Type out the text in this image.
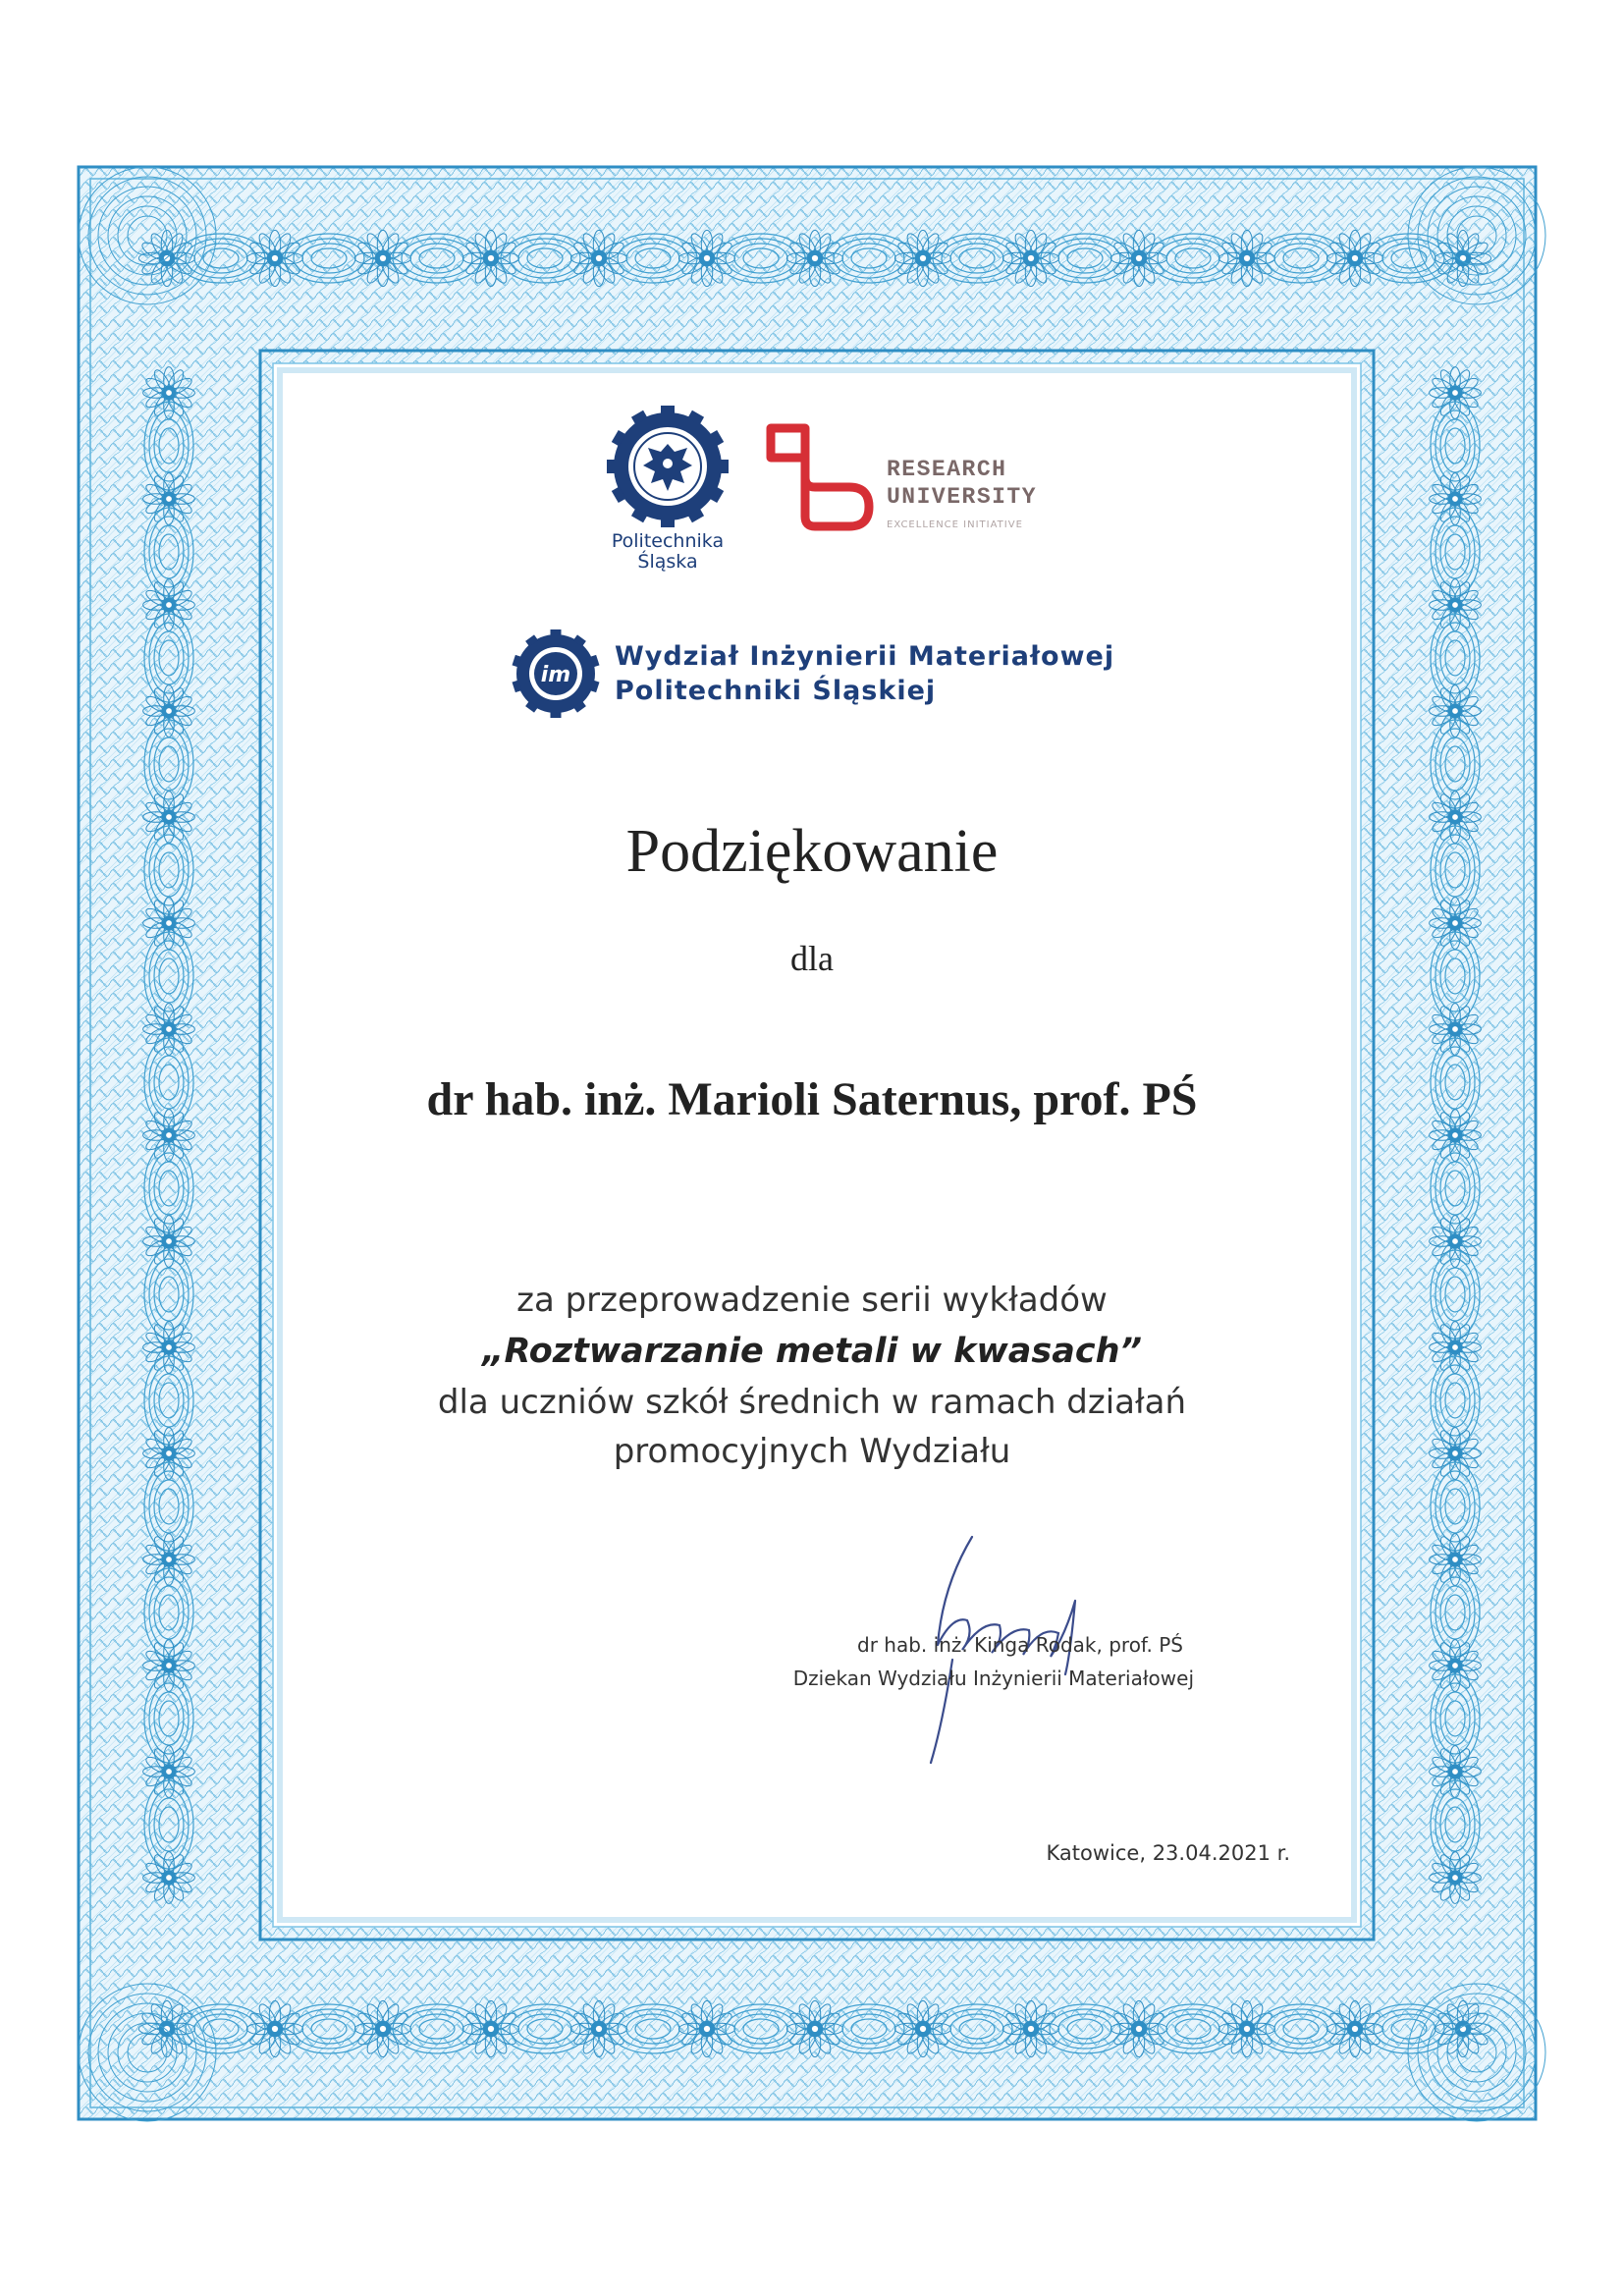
Politechnika
Śląska
RESEARCH
UNIVERSITY
EXCELLENCE INITIATIVE
im
Wydział Inżynierii Materiałowej
Politechniki Śląskiej
Podziękowanie
dla
dr hab. inż. Marioli Saternus, prof. PŚ
za przeprowadzenie serii wykładów
„Roztwarzanie metali w kwasach”
dla uczniów szkół średnich w ramach działań
promocyjnych Wydziału
dr hab. inż. Kinga Rodak, prof. PŚ
Dziekan Wydziału Inżynierii Materiałowej
Katowice, 23.04.2021 r.
